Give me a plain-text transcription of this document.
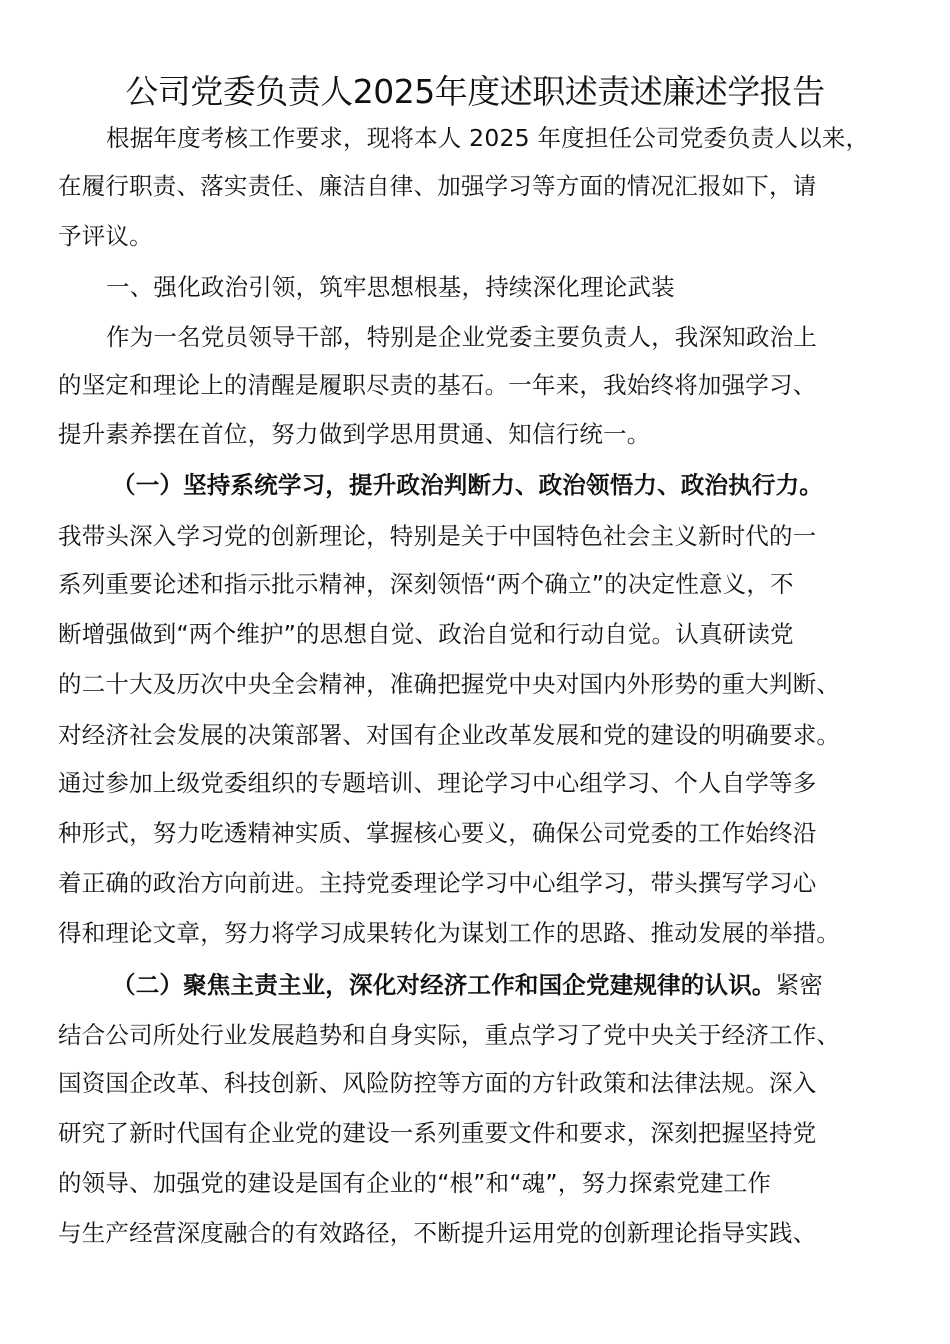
公司党委负责人2025年度述职述责述廉述学报告
根据年度考核工作要求，现将本人 2025 年度担任公司党委负责人以来，
在履行职责、落实责任、廉洁自律、加强学习等方面的情况汇报如下，请
予评议。
一、强化政治引领，筑牢思想根基，持续深化理论武装
作为一名党员领导干部，特别是企业党委主要负责人，我深知政治上
的坚定和理论上的清醒是履职尽责的基石。一年来，我始终将加强学习、
提升素养摆在首位，努力做到学思用贯通、知信行统一。
（一）坚持系统学习，提升政治判断力、政治领悟力、政治执行力。
我带头深入学习党的创新理论，特别是关于中国特色社会主义新时代的一
系列重要论述和指示批示精神，深刻领悟“两个确立”的决定性意义，不
断增强做到“两个维护”的思想自觉、政治自觉和行动自觉。认真研读党
的二十大及历次中央全会精神，准确把握党中央对国内外形势的重大判断、
对经济社会发展的决策部署、对国有企业改革发展和党的建设的明确要求。
通过参加上级党委组织的专题培训、理论学习中心组学习、个人自学等多
种形式，努力吃透精神实质、掌握核心要义，确保公司党委的工作始终沿
着正确的政治方向前进。主持党委理论学习中心组学习，带头撰写学习心
得和理论文章，努力将学习成果转化为谋划工作的思路、推动发展的举措。
（二）聚焦主责主业，深化对经济工作和国企党建规律的认识。紧密
结合公司所处行业发展趋势和自身实际，重点学习了党中央关于经济工作、
国资国企改革、科技创新、风险防控等方面的方针政策和法律法规。深入
研究了新时代国有企业党的建设一系列重要文件和要求，深刻把握坚持党
的领导、加强党的建设是国有企业的“根”和“魂”，努力探索党建工作
与生产经营深度融合的有效路径，不断提升运用党的创新理论指导实践、
